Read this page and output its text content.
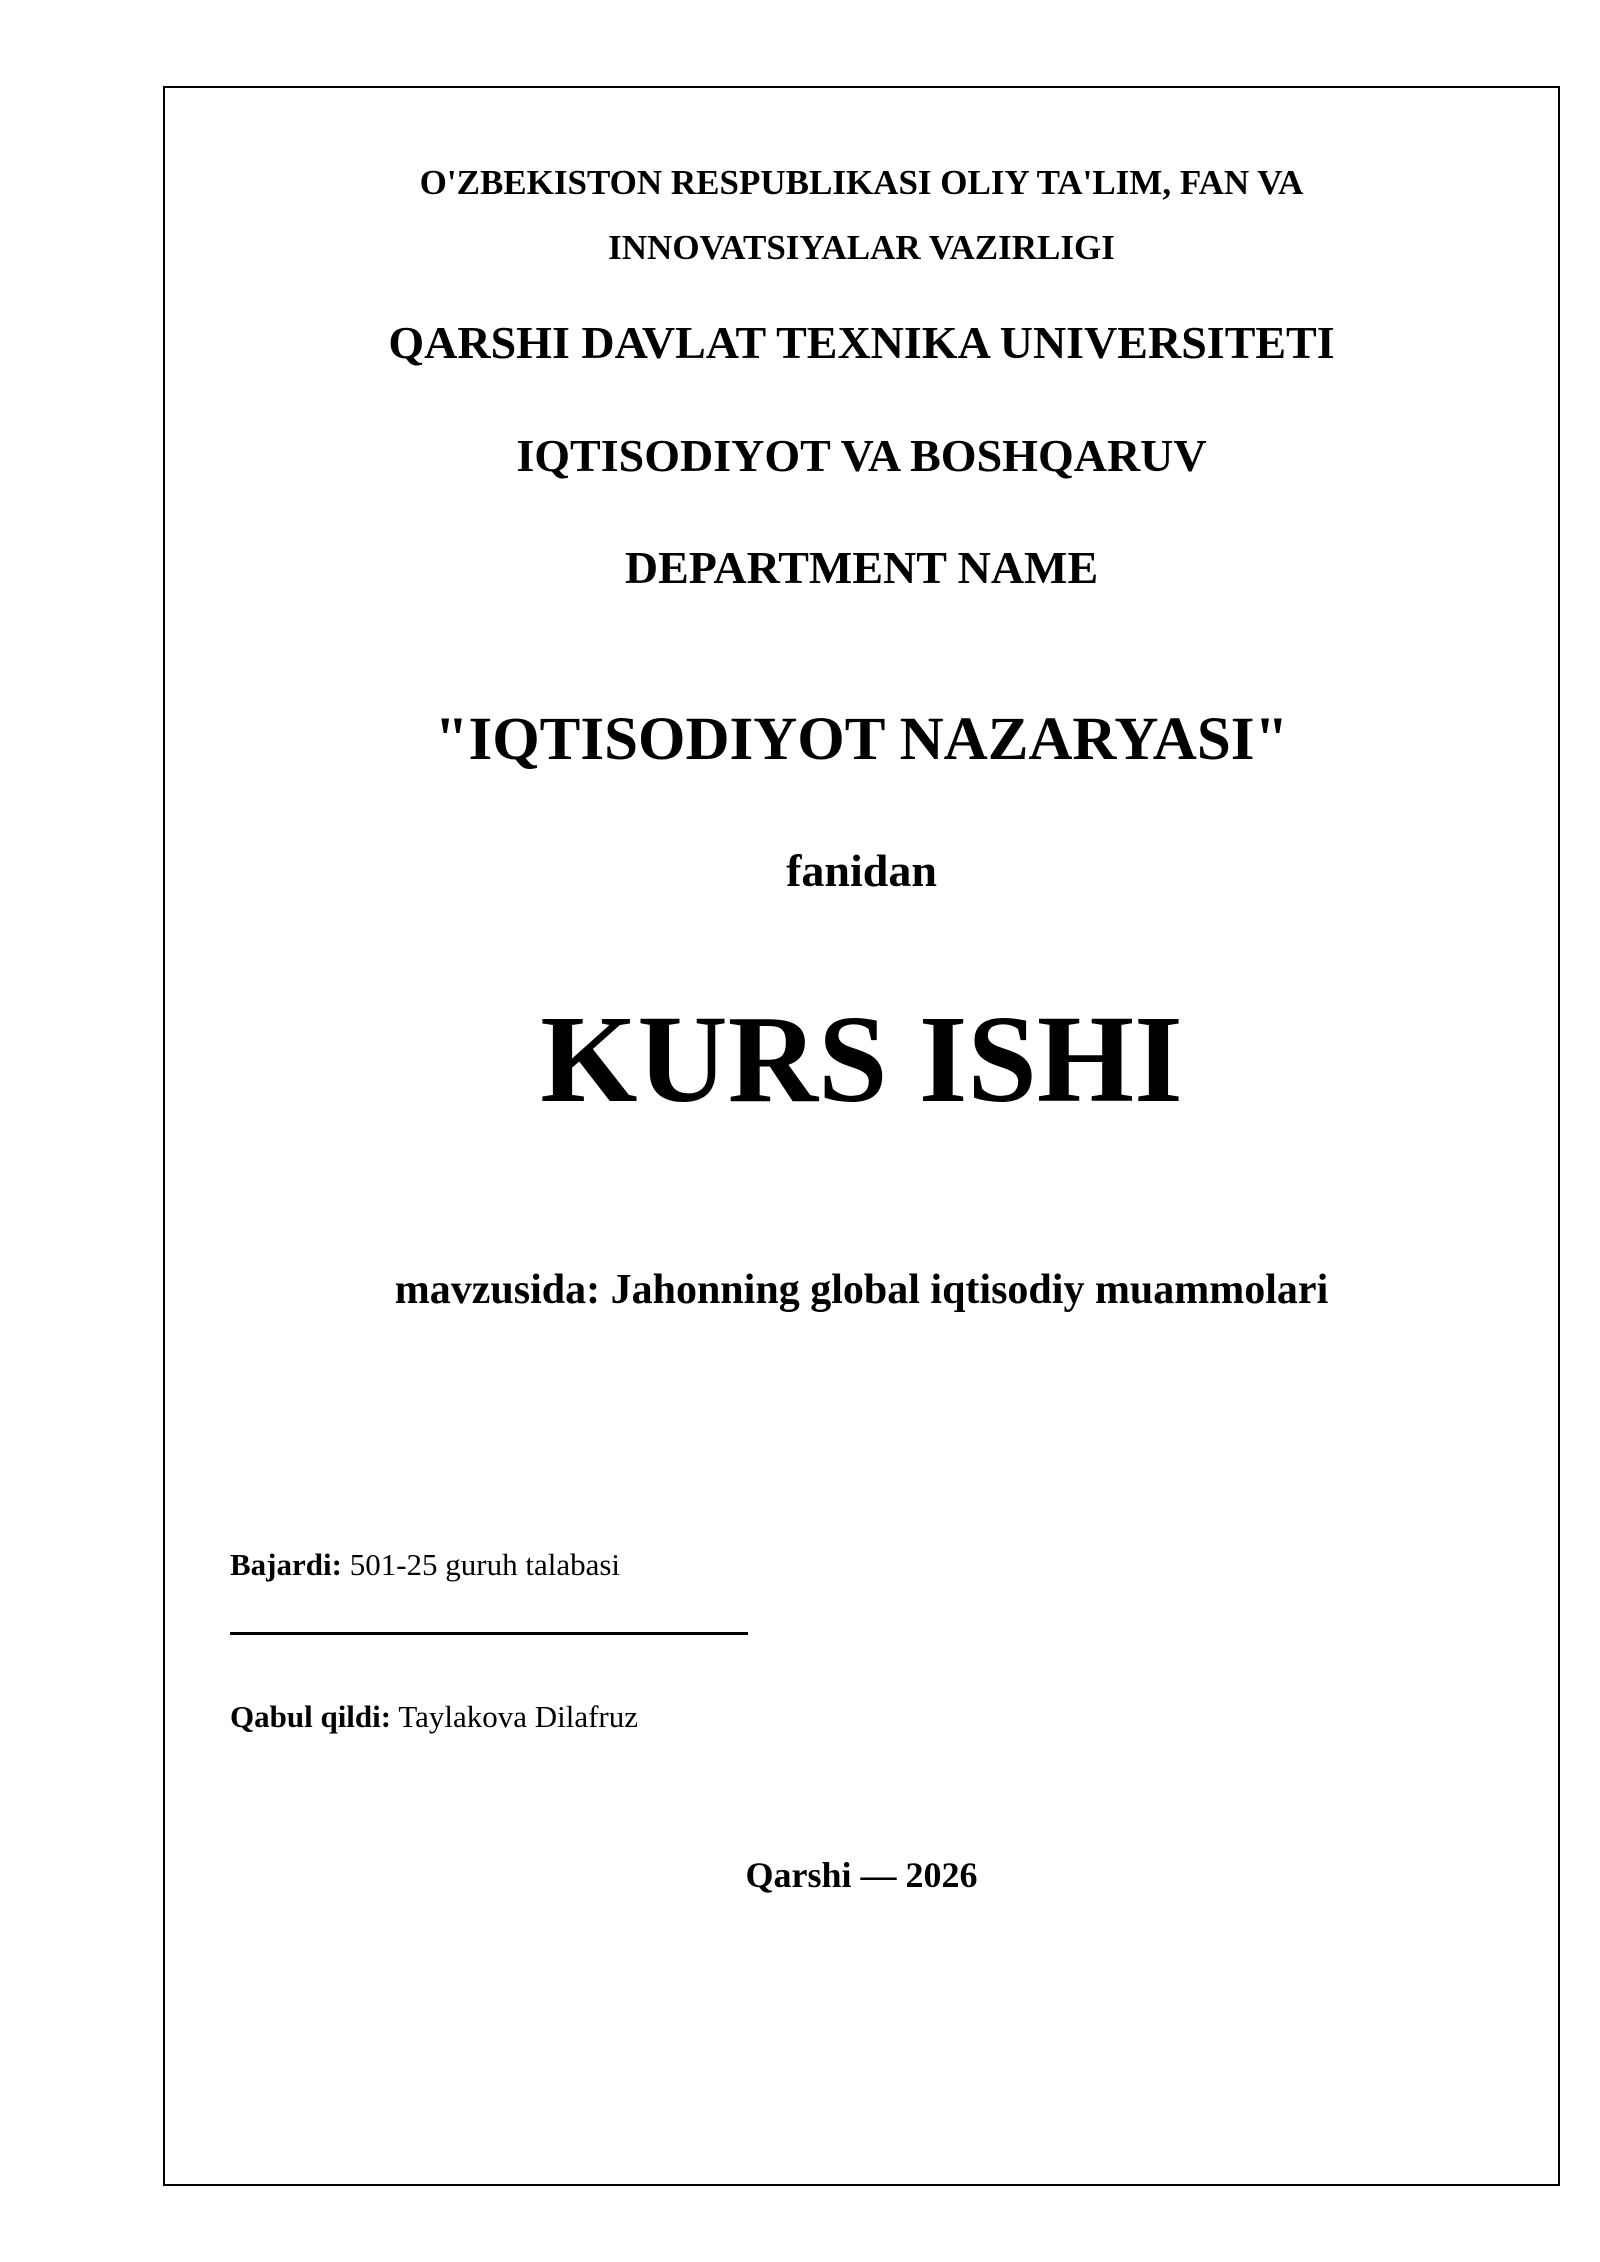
O'ZBEKISTON RESPUBLIKASI OLIY TA'LIM, FAN VA
INNOVATSIYALAR VAZIRLIGI

QARSHI DAVLAT TEXNIKA UNIVERSITETI

IQTISODIYOT VA BOSHQARUV

DEPARTMENT NAME

"IQTISODIYOT NAZARYASI"

fanidan

KURS ISHI

mavzusida: Jahonning global iqtisodiy muammolari

Bajardi: 501-25 guruh talabasi
Qabul qildi: Taylakova Dilafruz

Qarshi — 2026
